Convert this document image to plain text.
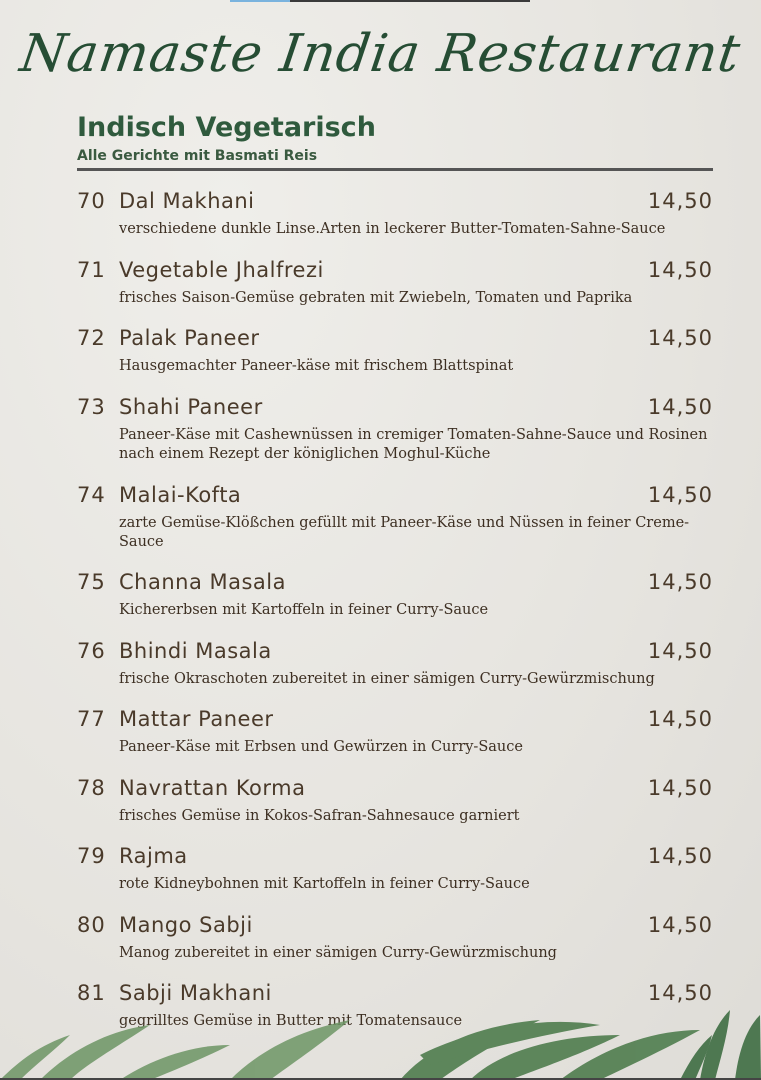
Namaste India Restaurant
Indisch Vegetarisch
Alle Gerichte mit Basmati Reis
70 Dal Makhani	14,50
verschiedene dunkle Linse.Arten in leckerer Butter-Tomaten-Sahne-Sauce
71 Vegetable Jhalfrezi	14,50
frisches Saison-Gemüse gebraten mit Zwiebeln, Tomaten und Paprika
72 Palak Paneer	14,50
Hausgemachter Paneer-käse mit frischem Blattspinat
73 Shahi Paneer	14,50
Paneer-Käse mit Cashewnüssen in cremiger Tomaten-Sahne-Sauce und Rosinen nach einem Rezept der königlichen Moghul-Küche
74 Malai-Kofta	14,50
zarte Gemüse-Klößchen gefüllt mit Paneer-Käse und Nüssen in feiner Creme-Sauce
75 Channa Masala	14,50
Kichererbsen mit Kartoffeln in feiner Curry-Sauce
76 Bhindi Masala	14,50
frische Okraschoten zubereitet in einer sämigen Curry-Gewürzmischung
77 Mattar Paneer	14,50
Paneer-Käse mit Erbsen und Gewürzen in Curry-Sauce
78 Navrattan Korma	14,50
frisches Gemüse in Kokos-Safran-Sahnesauce garniert
79 Rajma	14,50
rote Kidneybohnen mit Kartoffeln in feiner Curry-Sauce
80 Mango Sabji	14,50
Manog zubereitet in einer sämigen Curry-Gewürzmischung
81 Sabji Makhani	14,50
gegrilltes Gemüse in Butter mit Tomatensauce
